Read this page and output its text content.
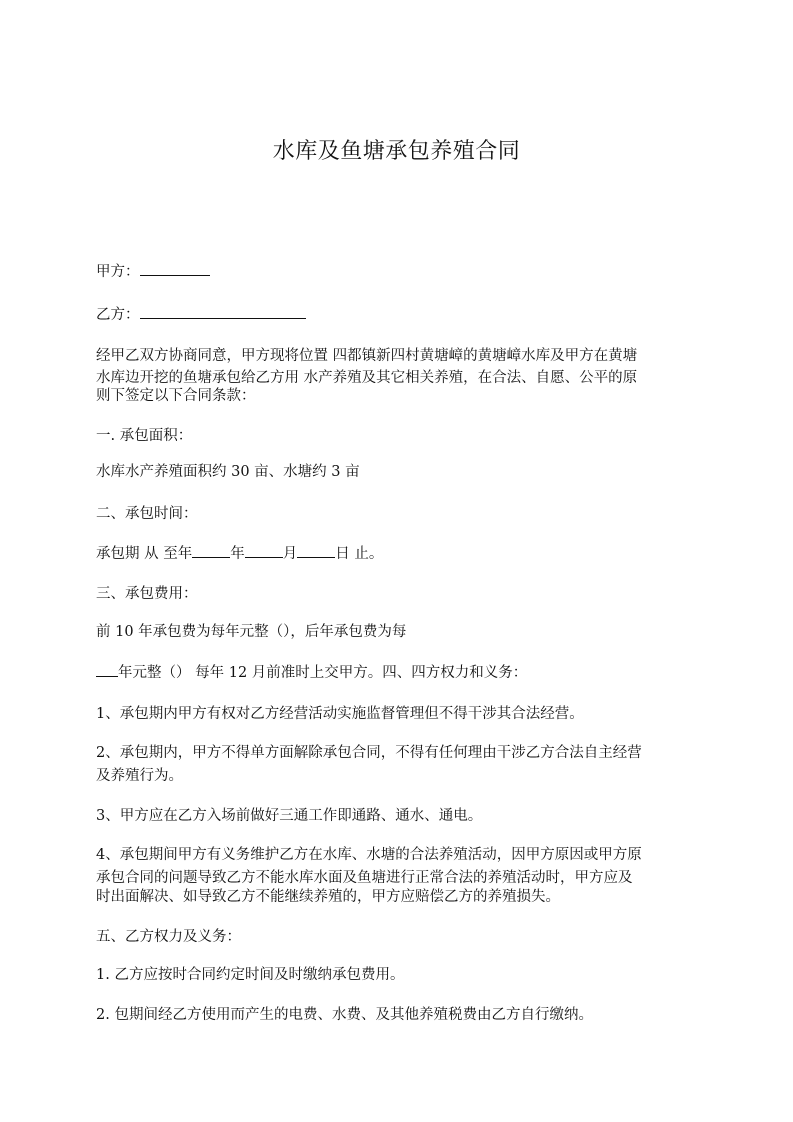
水库及鱼塘承包养殖合同
甲方：
乙方：
经甲乙双方协商同意，甲方现将位置 四都镇新四村黄塘嶂的黄塘嶂水库及甲方在黄塘
水库边开挖的鱼塘承包给乙方用 水产养殖及其它相关养殖，在合法、自愿、公平的原
则下签定以下合同条款：
一. 承包面积：
水库水产养殖面积约 30 亩、水塘约 3 亩
二、承包时间：
承包期 从 至年	年	月	日 止。
三、承包费用：
前 10 年承包费为每年元整（），后年承包费为每
年元整（） 每年 12 月前准时上交甲方。四、四方权力和义务：
1、承包期内甲方有权对乙方经营活动实施监督管理但不得干涉其合法经营。
2、承包期内，甲方不得单方面解除承包合同，不得有任何理由干涉乙方合法自主经营
及养殖行为。
3、甲方应在乙方入场前做好三通工作即通路、通水、通电。
4、承包期间甲方有义务维护乙方在水库、水塘的合法养殖活动，因甲方原因或甲方原
承包合同的问题导致乙方不能水库水面及鱼塘进行正常合法的养殖活动时，甲方应及
时出面解决、如导致乙方不能继续养殖的，甲方应赔偿乙方的养殖损失。
五、乙方权力及义务：
1. 乙方应按时合同约定时间及时缴纳承包费用。
2. 包期间经乙方使用而产生的电费、水费、及其他养殖税费由乙方自行缴纳。
